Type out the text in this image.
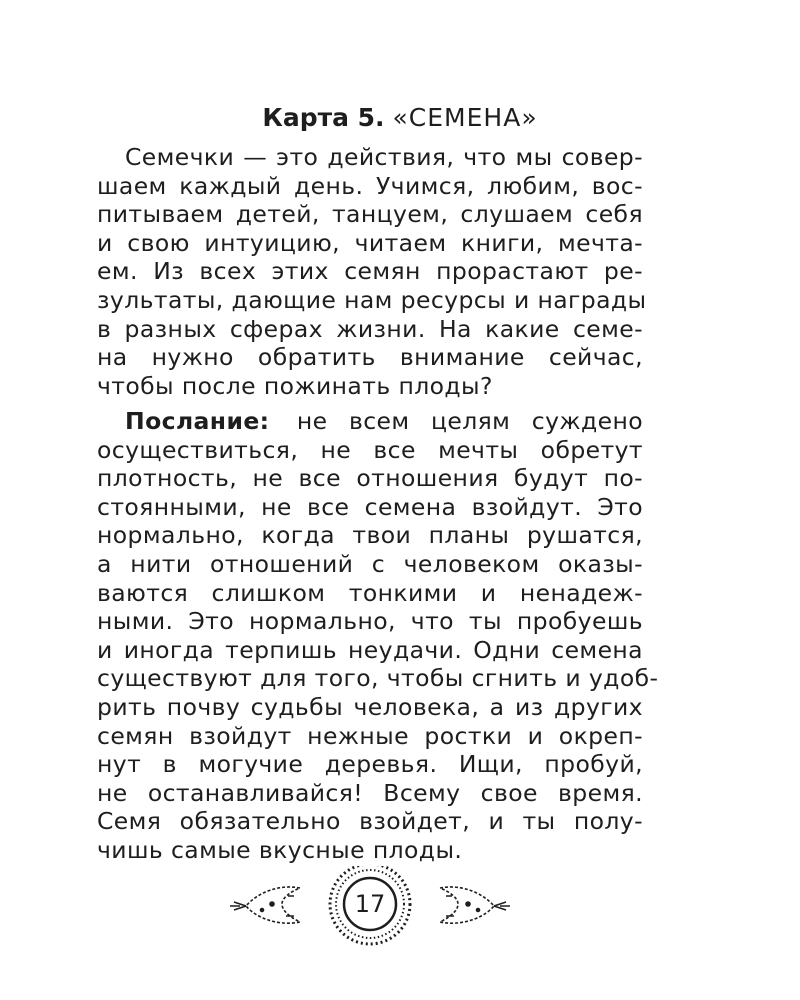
Карта 5. «СЕМЕНА»
Семечки — это действия, что мы совер-
шаем каждый день. Учимся, любим, вос-
питываем детей, танцуем, слушаем себя
и свою интуицию, читаем книги, мечта-
ем. Из всех этих семян прорастают ре-
зультаты, дающие нам ресурсы и награды
в разных сферах жизни. На какие семе-
на нужно обратить внимание сейчас,
чтобы после пожинать плоды?
Послание: не всем целям суждено
осуществиться, не все мечты обретут
плотность, не все отношения будут по-
стоянными, не все семена взойдут. Это
нормально, когда твои планы рушатся,
а нити отношений с человеком оказы-
ваются слишком тонкими и ненадеж-
ными. Это нормально, что ты пробуешь
и иногда терпишь неудачи. Одни семена
существуют для того, чтобы сгнить и удоб-
рить почву судьбы человека, а из других
семян взойдут нежные ростки и окреп-
нут в могучие деревья. Ищи, пробуй,
не останавливайся! Всему свое время.
Семя обязательно взойдет, и ты полу-
чишь самые вкусные плоды.
17
